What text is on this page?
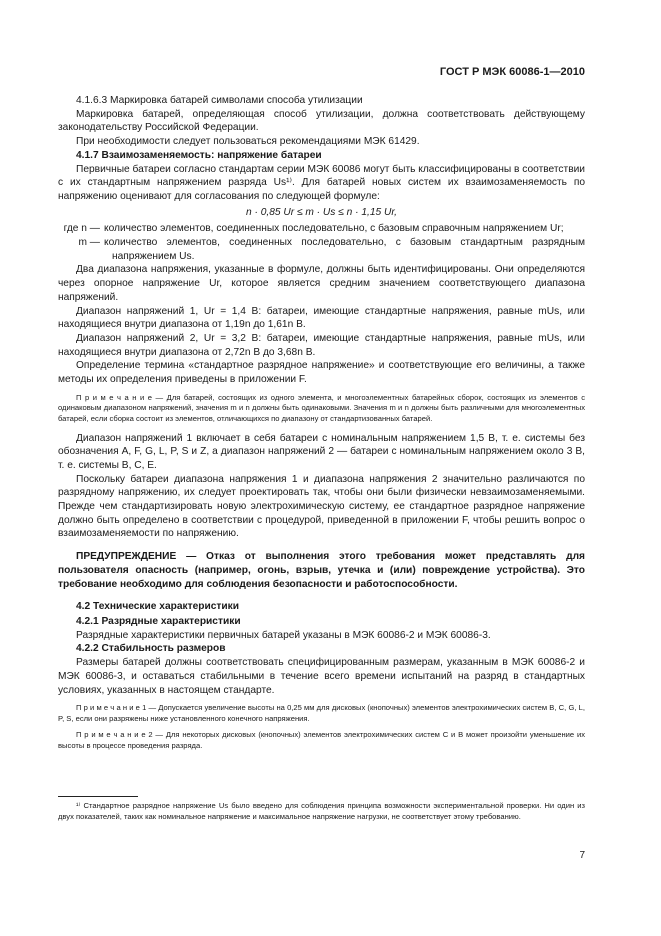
ГОСТ Р МЭК 60086-1—2010

4.1.6.3 Маркировка батарей символами способа утилизации

Маркировка батарей, определяющая способ утилизации, должна соответствовать действующему законодательству Российской Федерации.

При необходимости следует пользоваться рекомендациями МЭК 61429.

4.1.7 Взаимозаменяемость: напряжение батареи

Первичные батареи согласно стандартам серии МЭК 60086 могут быть классифицированы в соответствии с их стандартным напряжением разряда Us¹⁾. Для батарей новых систем их взаимозаменяемость по напряжению оценивают для согласования по следующей формуле:

n · 0,85 Ur ≤ m · Us ≤ n · 1,15 Ur,

где n — количество элементов, соединенных последовательно, с базовым справочным напряжением Ur;
m — количество элементов, соединенных последовательно, с базовым стандартным разрядным напряжением Us.

Два диапазона напряжения, указанные в формуле, должны быть идентифицированы. Они определяются через опорное напряжение Ur, которое является средним значением соответствующего диапазона напряжений.

Диапазон напряжений 1, Ur = 1,4 В: батареи, имеющие стандартные напряжения, равные mUs, или находящиеся внутри диапазона от 1,19n до 1,61n В.

Диапазон напряжений 2, Ur = 3,2 В: батареи, имеющие стандартные напряжения, равные mUs, или находящиеся внутри диапазона от 2,72n В до 3,68n В.

Определение термина «стандартное разрядное напряжение» и соответствующие его величины, а также методы их определения приведены в приложении F.

П р и м е ч а н и е — Для батарей, состоящих из одного элемента, и многоэлементных батарейных сборок, состоящих из элементов с одинаковым диапазоном напряжений, значения m и n должны быть одинаковыми. Значения m и n должны быть различными для многоэлементных батарей, если сборка состоит из элементов, отличающихся по диапазону от стандартизованных батарей.

Диапазон напряжений 1 включает в себя батареи с номинальным напряжением 1,5 В, т. е. системы без обозначения A, F, G, L, P, S и Z, а диапазон напряжений 2 — батареи с номинальным напряжением около 3 В, т. е. системы B, C, E.

Поскольку батареи диапазона напряжения 1 и диапазона напряжения 2 значительно различаются по разрядному напряжению, их следует проектировать так, чтобы они были физически невзаимозаменяемыми. Прежде чем стандартизировать новую электрохимическую систему, ее стандартное разрядное напряжение должно быть определено в соответствии с процедурой, приведенной в приложении F, чтобы решить вопрос о взаимозаменяемости по напряжению.

ПРЕДУПРЕЖДЕНИЕ — Отказ от выполнения этого требования может представлять для пользователя опасность (например, огонь, взрыв, утечка и (или) повреждение устройства). Это требование необходимо для соблюдения безопасности и работоспособности.

4.2 Технические характеристики

4.2.1 Разрядные характеристики

Разрядные характеристики первичных батарей указаны в МЭК 60086-2 и МЭК 60086-3.

4.2.2 Стабильность размеров

Размеры батарей должны соответствовать специфицированным размерам, указанным в МЭК 60086-2 и МЭК 60086-3, и оставаться стабильными в течение всего времени испытаний на разряд в стандартных условиях, указанных в настоящем стандарте.

П р и м е ч а н и е 1 — Допускается увеличение высоты на 0,25 мм для дисковых (кнопочных) элементов электрохимических систем B, C, G, L, P, S, если они разряжены ниже установленного конечного напряжения.

П р и м е ч а н и е 2 — Для некоторых дисковых (кнопочных) элементов электрохимических систем C и B может произойти уменьшение их высоты в процессе проведения разряда.

¹⁾ Стандартное разрядное напряжение Us было введено для соблюдения принципа возможности экспериментальной проверки. Ни один из двух показателей, таких как номинальное напряжение и максимальное напряжение нагрузки, не соответствует этому требованию.
7
